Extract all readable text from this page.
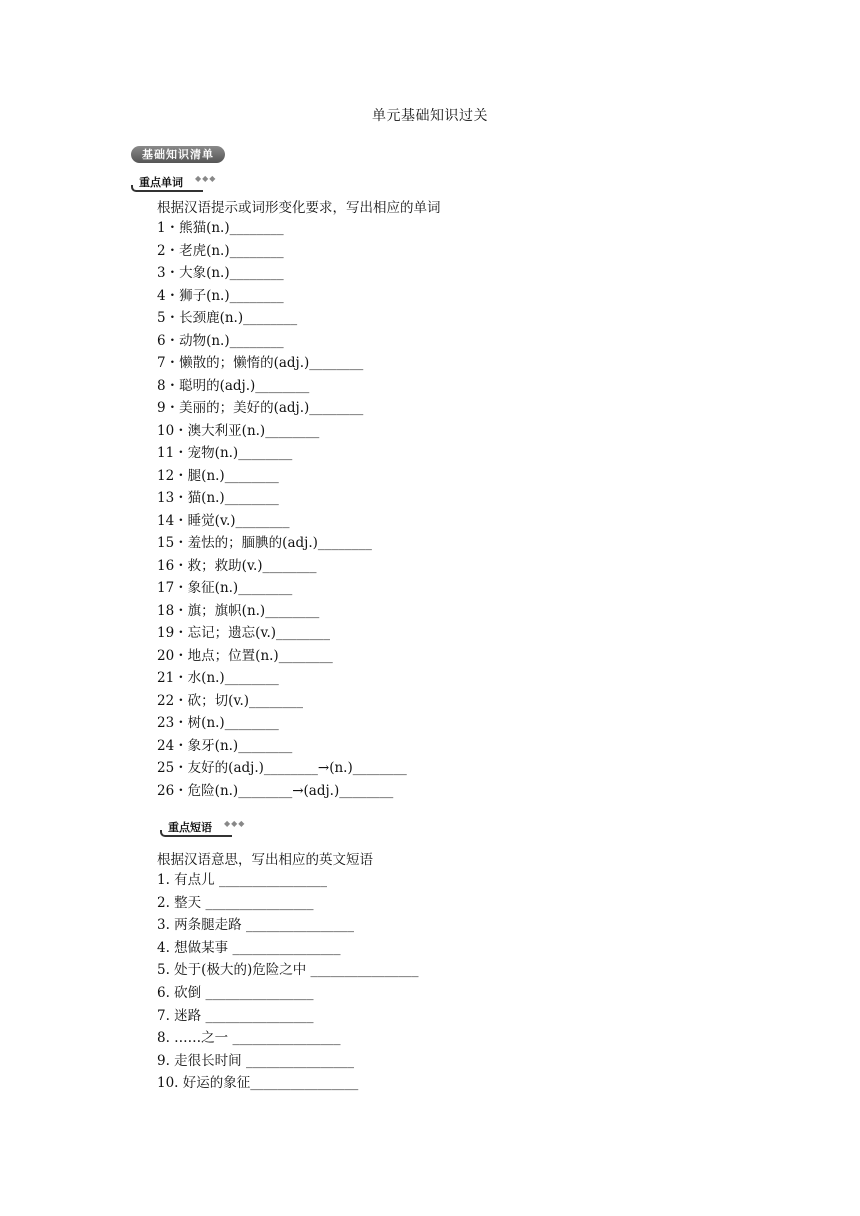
单元基础知识过关
基础知识清单
重点单词 ◆◆◆
根据汉语提示或词形变化要求，写出相应的单词
1・熊猫(n.)________
2・老虎(n.)________
3・大象(n.)________
4・狮子(n.)________
5・长颈鹿(n.)________
6・动物(n.)________
7・懒散的；懒惰的(adj.)________
8・聪明的(adj.)________
9・美丽的；美好的(adj.)________
10・澳大利亚(n.)________
11・宠物(n.)________
12・腿(n.)________
13・猫(n.)________
14・睡觉(v.)________
15・羞怯的；腼腆的(adj.)________
16・救；救助(v.)________
17・象征(n.)________
18・旗；旗帜(n.)________
19・忘记；遗忘(v.)________
20・地点；位置(n.)________
21・水(n.)________
22・砍；切(v.)________
23・树(n.)________
24・象牙(n.)________
25・友好的(adj.)________→(n.)________
26・危险(n.)________→(adj.)________
重点短语 ◆◆◆
根据汉语意思，写出相应的英文短语
1. 有点儿 ________________
2. 整天 ________________
3. 两条腿走路 ________________
4. 想做某事 ________________
5. 处于(极大的)危险之中 ________________
6. 砍倒 ________________
7. 迷路 ________________
8. ……之一 ________________
9. 走很长时间 ________________
10. 好运的象征________________
